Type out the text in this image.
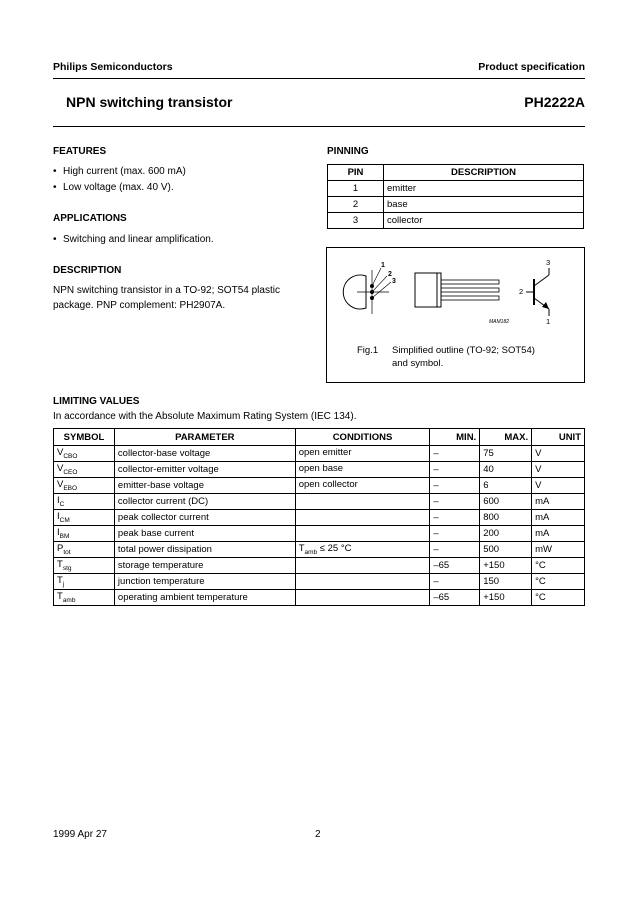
Philips Semiconductors	Product specification
NPN switching transistor	PH2222A
FEATURES
• High current (max. 600 mA)
• Low voltage (max. 40 V).
APPLICATIONS
• Switching and linear amplification.
DESCRIPTION
NPN switching transistor in a TO-92; SOT54 plastic
package. PNP complement: PH2907A.
PINNING
PIN	DESCRIPTION
1	emitter
2	base
3	collector
1
2
3
3
2
1
MAM182
Fig.1 Simplified outline (TO-92; SOT54)
and symbol.
LIMITING VALUES
In accordance with the Absolute Maximum Rating System (IEC 134).
SYMBOL	PARAMETER	CONDITIONS	MIN.	MAX.	UNIT
$V_{CBO}$	collector-base voltage	open emitter	–	75	V
$V_{CEO}$	collector-emitter voltage	open base	–	40	V
$V_{EBO}$	emitter-base voltage	open collector	–	6	V
$I_C$	collector current (DC)		–	600	mA
$I_{CM}$	peak collector current		–	800	mA
$I_{BM}$	peak base current		–	200	mA
$P_{tot}$	total power dissipation	$T_{amb} \le 25$ °C	–	500	mW
$T_{stg}$	storage temperature		–65	+150	°C
$T_j$	junction temperature		–	150	°C
$T_{amb}$	operating ambient temperature		–65	+150	°C
1999 Apr 27	2
